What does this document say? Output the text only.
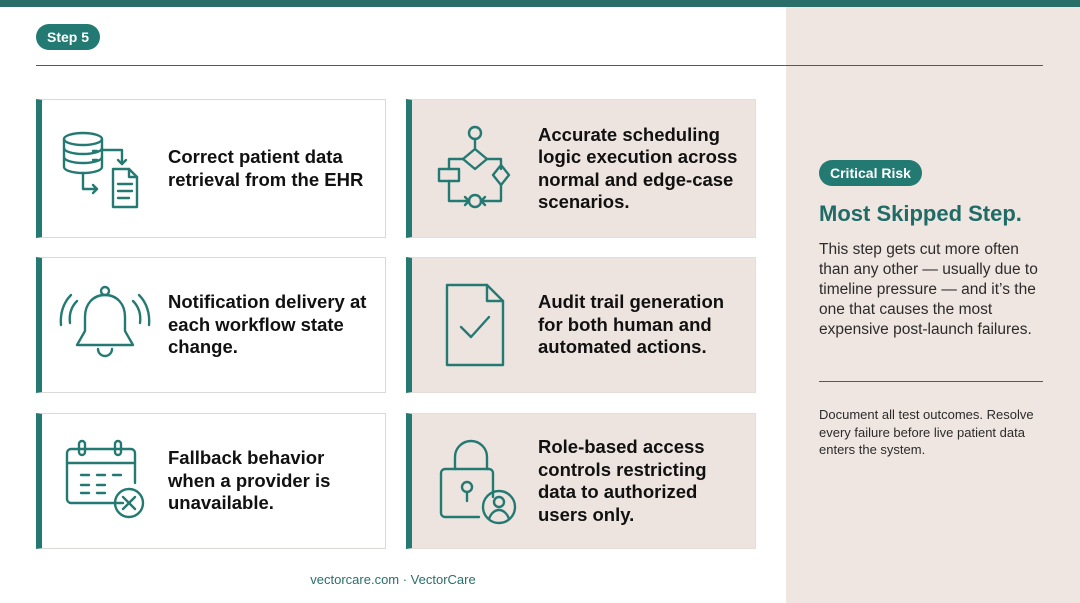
Step 5
Correct patient data retrieval from the EHR
Accurate scheduling logic execution across normal and edge-case scenarios.
Notification delivery at each workflow state change.
Audit trail generation for both human and automated actions.
Fallback behavior when a provider is unavailable.
Role-based access controls restricting data to authorized users only.
vectorcare.com · VectorCare
Critical Risk
Most Skipped Step.
This step gets cut more often than any other — usually due to timeline pressure — and it’s the one that causes the most expensive post-launch failures.
Document all test outcomes. Resolve every failure before live patient data enters the system.
